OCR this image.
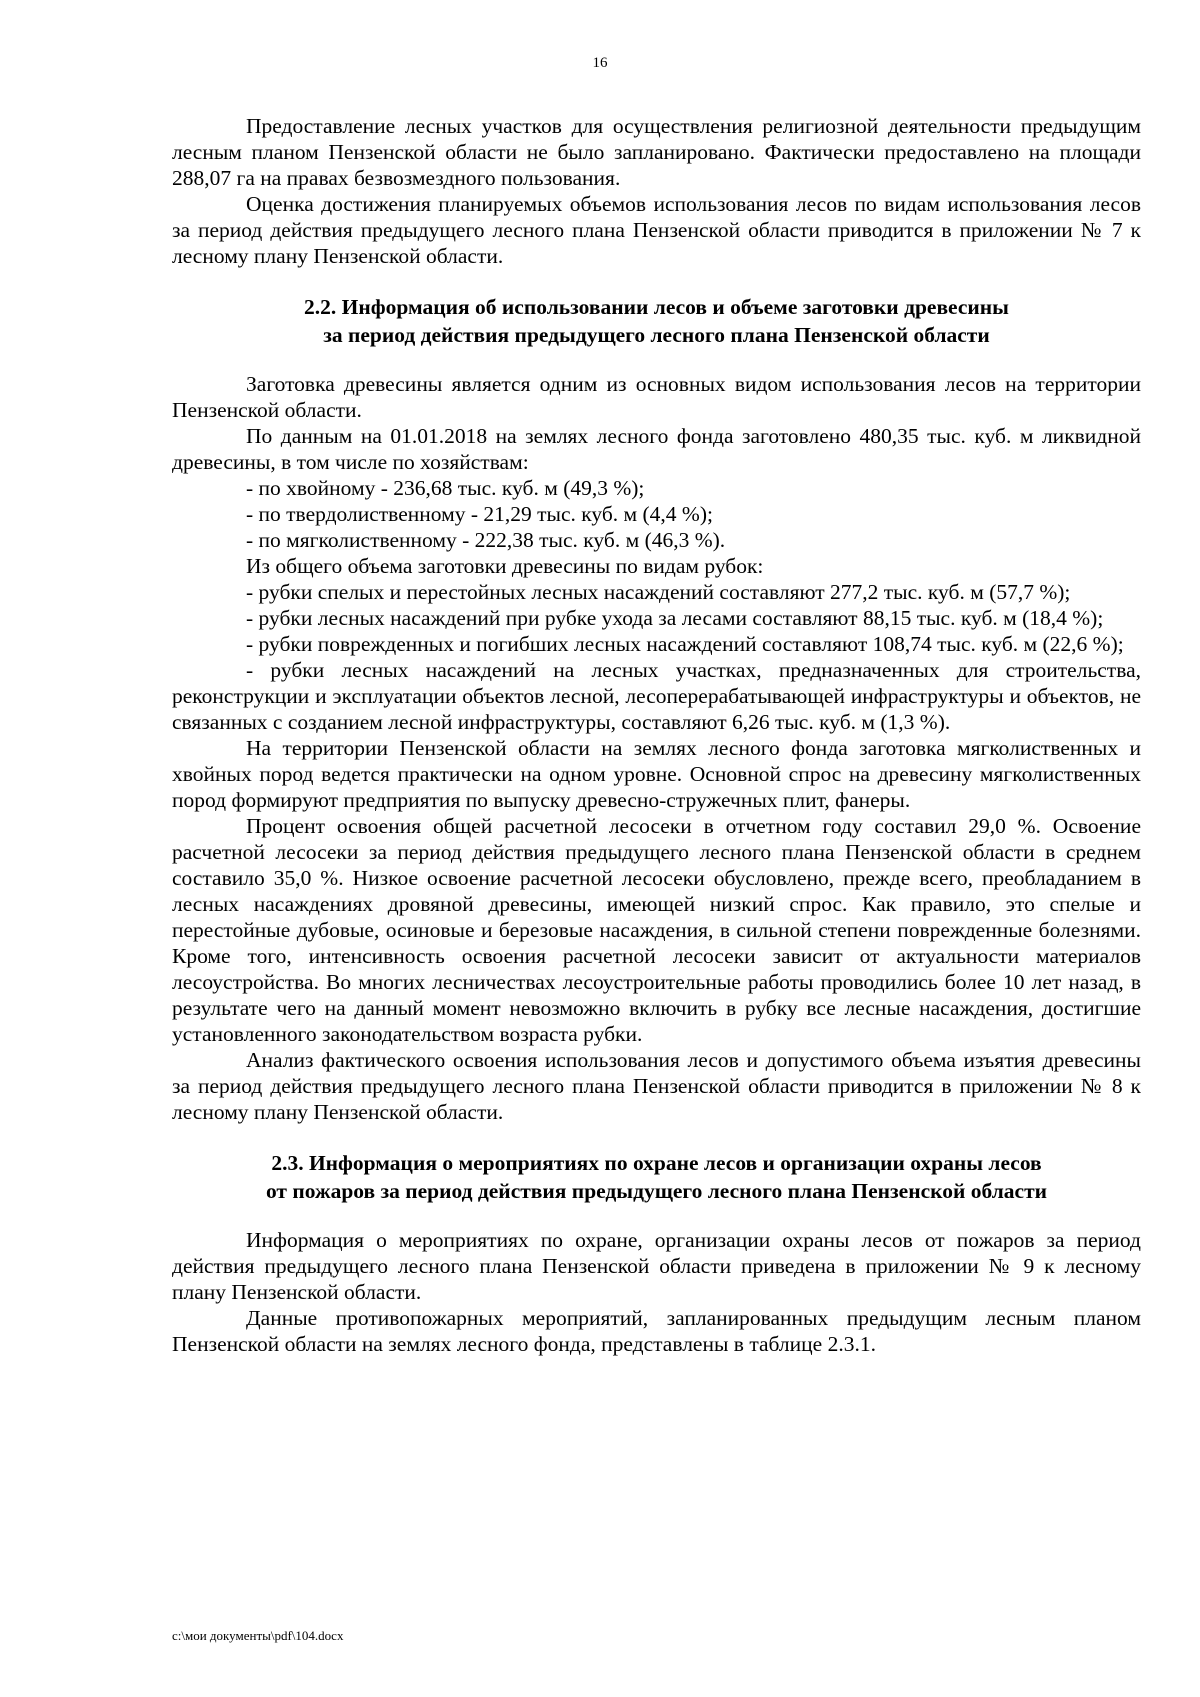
16

Предоставление лесных участков для осуществления религиозной деятельности предыдущим лесным планом Пензенской области не было запланировано. Фактически предоставлено на площади 288,07 га на правах безвозмездного пользования.

Оценка достижения планируемых объемов использования лесов по видам использования лесов за период действия предыдущего лесного плана Пензенской области приводится в приложении № 7 к лесному плану Пензенской области.

2.2. Информация об использовании лесов и объеме заготовки древесины
за период действия предыдущего лесного плана Пензенской области

Заготовка древесины является одним из основных видом использования лесов на территории Пензенской области.

По данным на 01.01.2018 на землях лесного фонда заготовлено 480,35 тыс. куб. м ликвидной древесины, в том числе по хозяйствам:

- по хвойному - 236,68 тыс. куб. м (49,3 %);

- по твердолиственному - 21,29 тыс. куб. м (4,4 %);

- по мягколиственному - 222,38 тыс. куб. м (46,3 %).

Из общего объема заготовки древесины по видам рубок:

- рубки спелых и перестойных лесных насаждений составляют 277,2 тыс. куб. м (57,7 %);

- рубки лесных насаждений при рубке ухода за лесами составляют 88,15 тыс. куб. м (18,4 %);

- рубки поврежденных и погибших лесных насаждений составляют 108,74 тыс. куб. м (22,6 %);

- рубки лесных насаждений на лесных участках, предназначенных для строительства, реконструкции и эксплуатации объектов лесной, лесоперерабатывающей инфраструктуры и объектов, не связанных с созданием лесной инфраструктуры, составляют 6,26 тыс. куб. м (1,3 %).

На территории Пензенской области на землях лесного фонда заготовка мягколиственных и хвойных пород ведется практически на одном уровне. Основной спрос на древесину мягколиственных пород формируют предприятия по выпуску древесно-стружечных плит, фанеры.

Процент освоения общей расчетной лесосеки в отчетном году составил 29,0 %. Освоение расчетной лесосеки за период действия предыдущего лесного плана Пензенской области в среднем составило 35,0 %. Низкое освоение расчетной лесосеки обусловлено, прежде всего, преобладанием в лесных насаждениях дровяной древесины, имеющей низкий спрос. Как правило, это спелые и перестойные дубовые, осиновые и березовые насаждения, в сильной степени поврежденные болезнями. Кроме того, интенсивность освоения расчетной лесосеки зависит от актуальности материалов лесоустройства. Во многих лесничествах лесоустроительные работы проводились более 10 лет назад, в результате чего на данный момент невозможно включить в рубку все лесные насаждения, достигшие установленного законодательством возраста рубки.

Анализ фактического освоения использования лесов и допустимого объема изъятия древесины за период действия предыдущего лесного плана Пензенской области приводится в приложении № 8 к лесному плану Пензенской области.

2.3. Информация о мероприятиях по охране лесов и организации охраны лесов
от пожаров за период действия предыдущего лесного плана Пензенской области

Информация о мероприятиях по охране, организации охраны лесов от пожаров за период действия предыдущего лесного плана Пензенской области приведена в приложении № 9 к лесному плану Пензенской области.

Данные противопожарных мероприятий, запланированных предыдущим лесным планом Пензенской области на землях лесного фонда, представлены в таблице 2.3.1.

c:\мои документы\pdf\104.docx
